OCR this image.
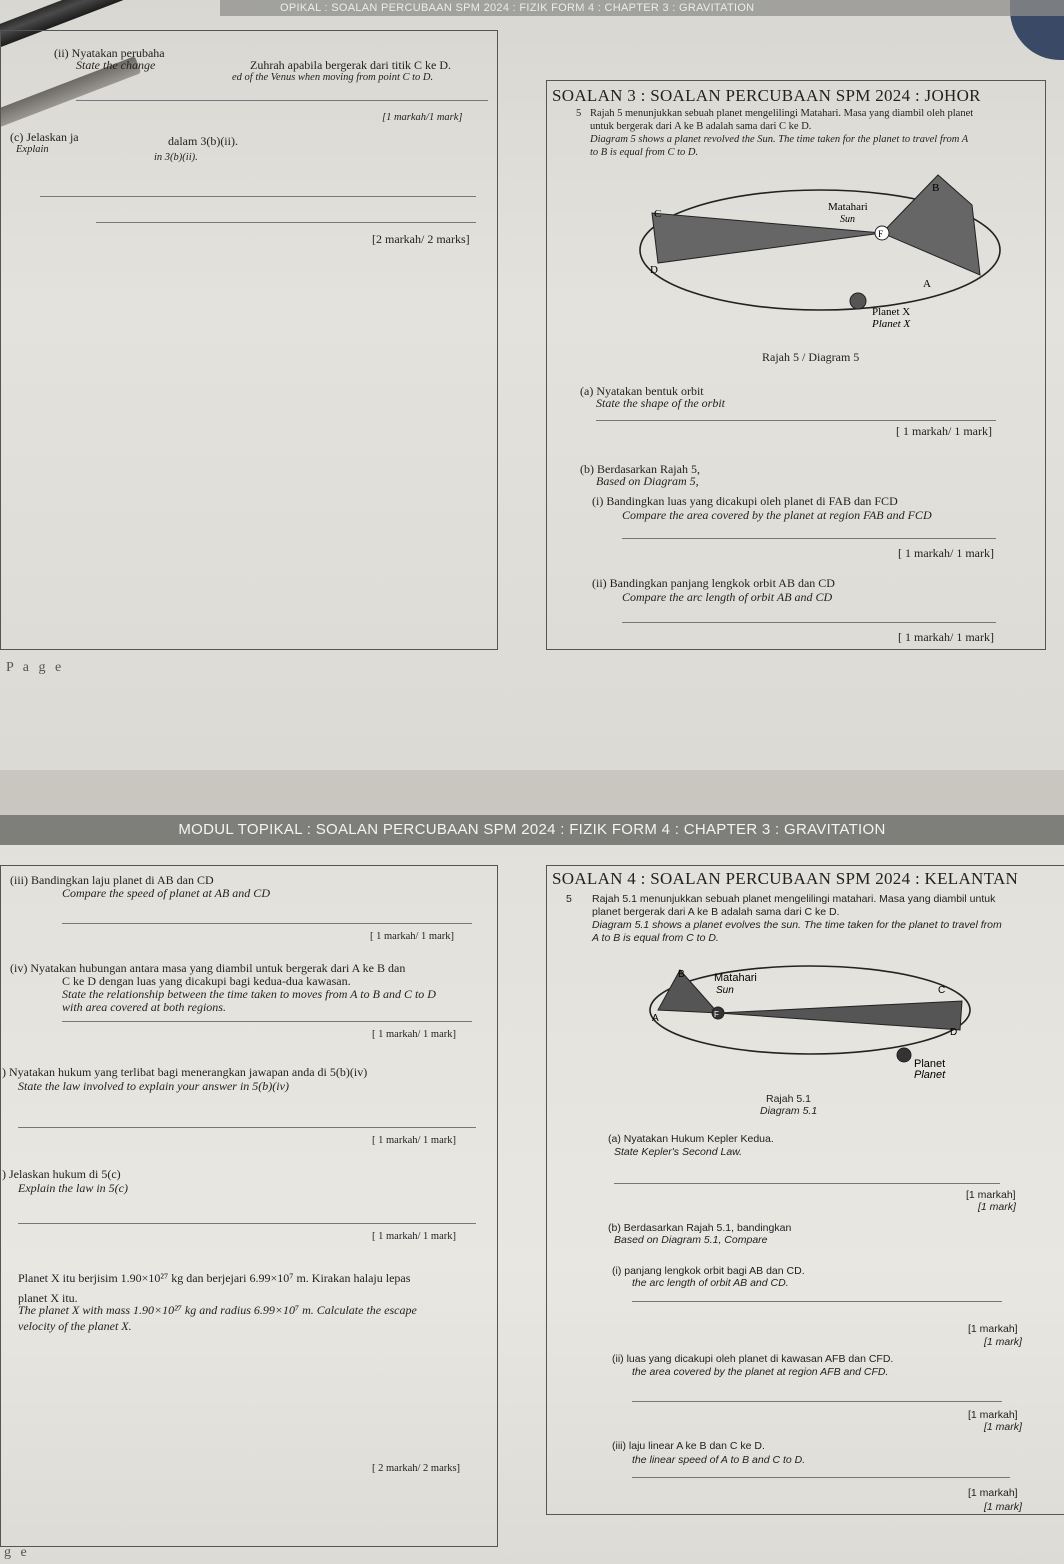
(ii) Nyatakan perubaha
Zuhrah apabila bergerak dari titik C ke D.
State the change
ed of the Venus when moving from point C to D.
[1 markah/1 mark]
(c) Jelaskan ja	dalam 3(b)(ii).
Explain
in 3(b)(ii).
[2 markah/ 2 marks]
SOALAN 3 : SOALAN PERCUBAAN SPM 2024 : JOHOR
5 Rajah 5 menunjukkan sebuah planet mengelilingi Matahari. Masa yang diambil oleh planet
untuk bergerak dari A ke B adalah sama dari C ke D.
Diagram 5 shows a planet revolved the Sun. The time taken for the planet to travel from A
to B is equal from C to D.
B
C
D
A
F
Matahari
Sun
Planet X
Planet X
Rajah 5 / Diagram 5
(a) Nyatakan bentuk orbit
State the shape of the orbit
[ 1 markah/ 1 mark]
(b) Berdasarkan Rajah 5,
Based on Diagram 5,
(i) Bandingkan luas yang dicakupi oleh planet di FAB dan FCD
Compare the area covered by the planet at region FAB and FCD
[ 1 markah/ 1 mark]
(ii) Bandingkan panjang lengkok orbit AB dan CD
Compare the arc length of orbit AB and CD
[ 1 markah/ 1 mark]
P a g e
OPIKAL : SOALAN PERCUBAAN SPM 2024 : FIZIK FORM 4 : CHAPTER 3 : GRAVITATION
(iii) Bandingkan laju planet di AB dan CD
Compare the speed of planet at AB and CD
[ 1 markah/ 1 mark]
(iv) Nyatakan hubungan antara masa yang diambil untuk bergerak dari A ke B dan
C ke D dengan luas yang dicakupi bagi kedua-dua kawasan.
State the relationship between the time taken to moves from A to B and C to D
with area covered at both regions.
[ 1 markah/ 1 mark]
) Nyatakan hukum yang terlibat bagi menerangkan jawapan anda di 5(b)(iv)
State the law involved to explain your answer in 5(b)(iv)
[ 1 markah/ 1 mark]
) Jelaskan hukum di 5(c)
Explain the law in 5(c)
[ 1 markah/ 1 mark]
Planet X itu berjisim 1.90×10²⁷ kg dan berjejari 6.99×10⁷ m. Kirakan halaju lepas
planet X itu.
The planet X with mass 1.90×10²⁷ kg and radius 6.99×10⁷ m. Calculate the escape
velocity of the planet X.
[ 2 markah/ 2 marks]
SOALAN 4 : SOALAN PERCUBAAN SPM 2024 : KELANTAN
5 Rajah 5.1 menunjukkan sebuah planet mengelilingi matahari. Masa yang diambil untuk
planet bergerak dari A ke B adalah sama dari C ke D.
Diagram 5.1 shows a planet evolves the sun. The time taken for the planet to travel from
A to B is equal from C to D.
B
C
D
A	F
Matahari
Sun
Planet
Planet
Rajah 5.1
Diagram 5.1
(a) Nyatakan Hukum Kepler Kedua.
State Kepler's Second Law.
[1 markah]
[1 mark]
(b) Berdasarkan Rajah 5.1, bandingkan
Based on Diagram 5.1, Compare
(i) panjang lengkok orbit bagi AB dan CD.
the arc length of orbit AB and CD.
[1 markah]
[1 mark]
(ii) luas yang dicakupi oleh planet di kawasan AFB dan CFD.
the area covered by the planet at region AFB and CFD.
[1 markah]
[1 mark]
(iii) laju linear A ke B dan C ke D.
the linear speed of A to B and C to D.
[1 markah]
[1 mark]
g e
MODUL TOPIKAL : SOALAN PERCUBAAN SPM 2024 : FIZIK FORM 4 : CHAPTER 3 : GRAVITATION
